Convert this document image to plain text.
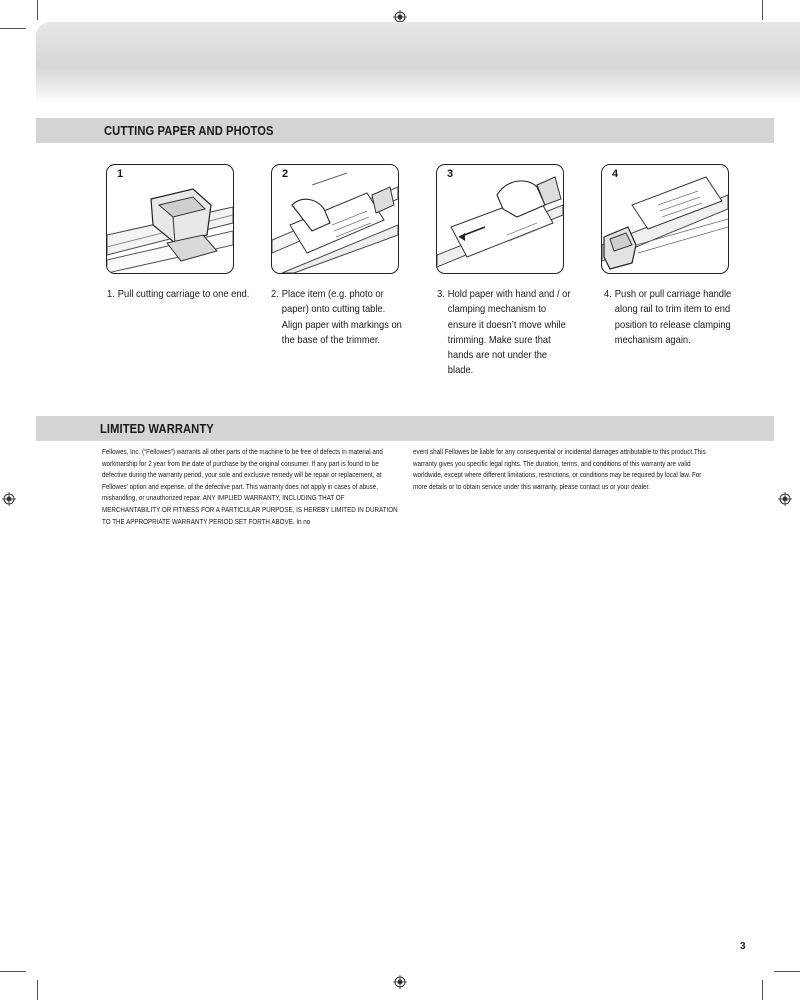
CUTTING PAPER AND PHOTOS
1	2	3	4
1. Pull cutting carriage to one end.	2. Place item (e.g. photo or paper) onto cutting table. Align paper with markings on the base of the trimmer.
3. Hold paper with hand and / or clamping mechanism to ensure it doesn’t move while trimming. Make sure that hands are not under the blade.
4. Push or pull carriage handle along rail to trim item to end position to release clamping mechanism again.
LIMITED WARRANTY
Fellowes, Inc. (“Fellowes”) warrants all other parts of the machine to be free of defects in material and workmarship for 2 year from the date of purchase by the original consumer. If any part is found to be defective during the warranty period, your sole and exclusive remedy will be repair or replacement, at Fellowes’ option and expense, of the defective part. This warranty does not apply in cases of abuse, mishandling, or unauthorized repair. ANY IMPLIED WARRANTY, INCLUDING THAT OF MERCHANTABILITY OR FITNESS FOR A PARTICULAR PURPOSE, IS HEREBY LIMITED IN DURATION TO THE APPROPRIATE WARRANTY PERIOD SET FORTH ABOVE. In no
event shall Fellowes be liable for any consequential or incidental damages attributable to this product.This warranty gives you specific legal rights. The duration, terms, and conditions of this warranty are valid worldwide, except where different limitations, restrictions, or conditions may be required by local law. For more details or to obtain service under this warranty, please contact us or your dealer.
3
